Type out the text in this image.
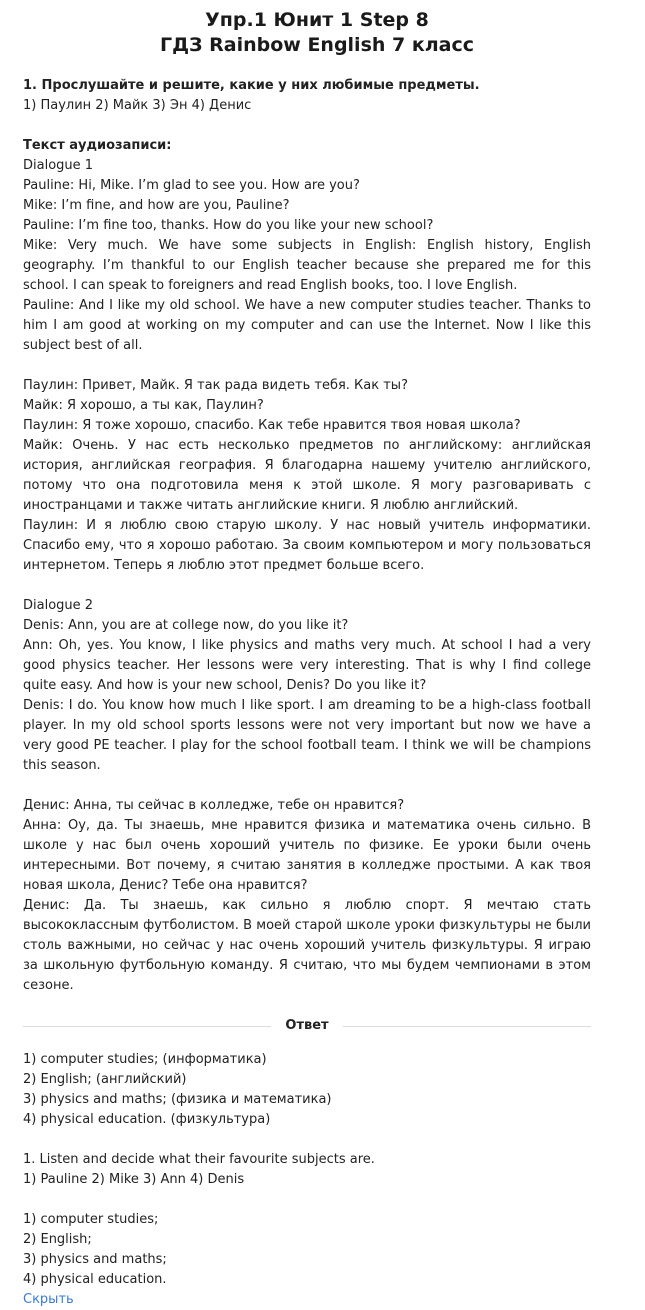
Упр.1 Юнит 1 Step 8
ГДЗ Rainbow English 7 класс
1. Прослушайте и решите, какие у них любимые предметы.
1) Паулин 2) Майк 3) Эн 4) Денис
Текст аудиозаписи:
Dialogue 1

Pauline: Hi, Mike. I’m glad to see you. How are you?

Mike: I’m fine, and how are you, Pauline?

Pauline: I’m fine too, thanks. How do you like your new school?

Mike: Very much. We have some subjects in English: English history, English geography. I’m thankful to our English teacher because she prepared me for this school. I can speak to foreigners and read English books, too. I love English.

Pauline: And I like my old school. We have a new computer studies teacher. Thanks to him I am good at working on my computer and can use the Internet. Now I like this subject best of all.

Паулин: Привет, Майк. Я так рада видеть тебя. Как ты?

Майк: Я хорошо, а ты как, Паулин?

Паулин: Я тоже хорошо, спасибо. Как тебе нравится твоя новая школа?

Майк: Очень. У нас есть несколько предметов по английскому: английская история, английская география. Я благодарна нашему учителю английского, потому что она подготовила меня к этой школе. Я могу разговаривать с иностранцами и также читать английские книги. Я люблю английский.

Паулин: И я люблю свою старую школу. У нас новый учитель информатики. Спасибо ему, что я хорошо работаю. За своим компьютером и могу пользоваться интернетом. Теперь я люблю этот предмет больше всего.

Dialogue 2

Denis: Ann, you are at college now, do you like it?

Ann: Oh, yes. You know, I like physics and maths very much. At school I had a very good physics teacher. Her lessons were very interesting. That is why I find college quite easy. And how is your new school, Denis? Do you like it?

Denis: I do. You know how much I like sport. I am dreaming to be a high-class football player. In my old school sports lessons were not very important but now we have a very good PE teacher. I play for the school football team. I think we will be champions this season.

Денис: Анна, ты сейчас в колледже, тебе он нравится?

Анна: Оу, да. Ты знаешь, мне нравится физика и математика очень сильно. В школе у нас был очень хороший учитель по физике. Ее уроки были очень интересными. Вот почему, я считаю занятия в колледже простыми. А как твоя новая школа, Денис? Тебе она нравится?

Денис: Да. Ты знаешь, как сильно я люблю спорт. Я мечтаю стать высококлассным футболистом. В моей старой школе уроки физкультуры не были столь важными, но сейчас у нас очень хороший учитель физкультуры. Я играю за школьную футбольную команду. Я считаю, что мы будем чемпионами в этом сезоне.

Ответ
1) computer studies; (информатика)
2) English; (английский)
3) physics and maths; (физика и математика)
4) physical education. (физкультура)
1. Listen and decide what their favourite subjects are.
1) Pauline 2) Mike 3) Ann 4) Denis
1) computer studies;
2) English;
3) physics and maths;
4) physical education.
Скрыть
